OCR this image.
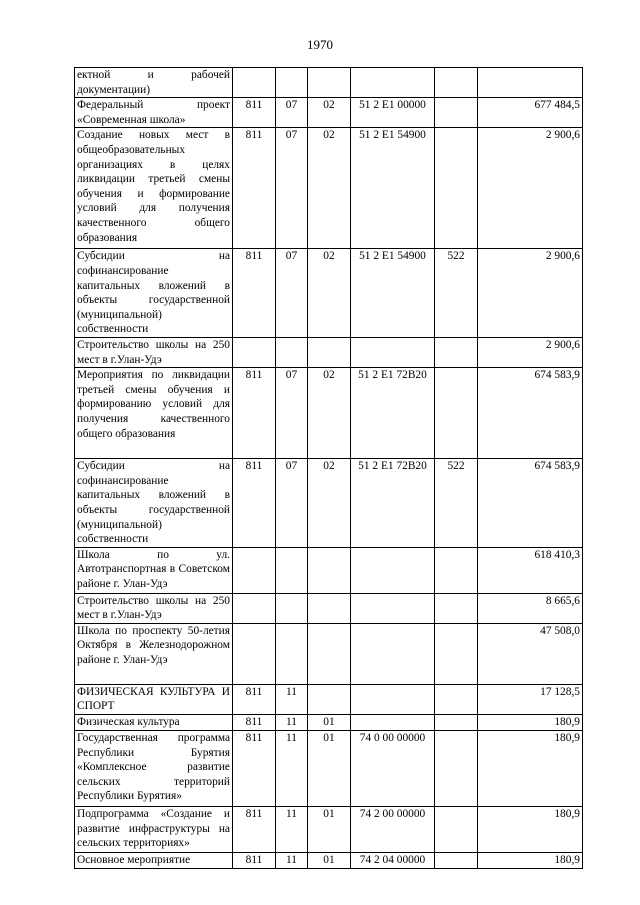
1970
ектной и рабочей документации)						
Федеральный проект «Современная школа»	811	07	02	51 2 E1 00000		677 484,5
Создание новых мест в общеобразовательных организациях в целях ликвидации третьей смены обучения и формирование условий для получения качественного общего образования	811	07	02	51 2 E1 54900		2 900,6
Субсидии на софинансирование капитальных вложений в объекты государственной (муниципальной) собственности	811	07	02	51 2 E1 54900	522	2 900,6
Строительство школы на 250 мест в г.Улан-Удэ						2 900,6
Мероприятия по ликвидации третьей смены обучения и формированию условий для получения качественного общего образования	811	07	02	51 2 E1 72B20		674 583,9
Субсидии на софинансирование капитальных вложений в объекты государственной (муниципальной) собственности	811	07	02	51 2 E1 72B20	522	674 583,9
Школа по ул. Автотранспортная в Советском районе г. Улан-Удэ						618 410,3
Строительство школы на 250 мест в г.Улан-Удэ						8 665,6
Школа по проспекту 50-летия Октября в Железнодорожном районе г. Улан-Удэ						47 508,0
ФИЗИЧЕСКАЯ КУЛЬТУРА И СПОРТ	811	11				17 128,5
Физическая культура	811	11	01			180,9
Государственная программа Республики Бурятия «Комплексное развитие сельских территорий Республики Бурятия»	811	11	01	74 0 00 00000		180,9
Подпрограмма «Создание и развитие инфраструктуры на сельских территориях»	811	11	01	74 2 00 00000		180,9
Основное мероприятие	811	11	01	74 2 04 00000		180,9
